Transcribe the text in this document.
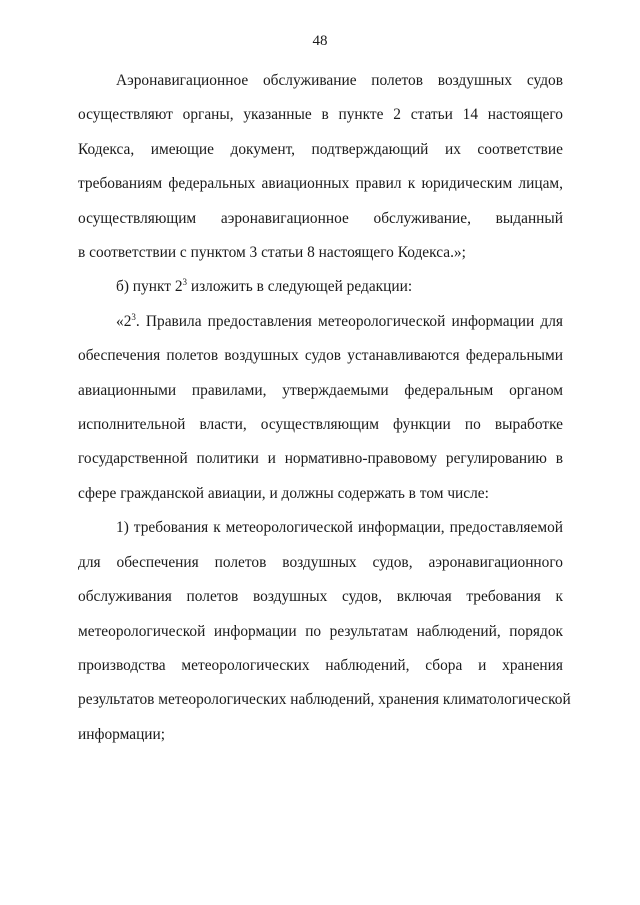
48
Аэронавигационное обслуживание полетов воздушных судов
осуществляют органы, указанные в пункте 2 статьи 14 настоящего
Кодекса, имеющие документ, подтверждающий их соответствие
требованиям федеральных авиационных правил к юридическим лицам,
осуществляющим аэронавигационное обслуживание, выданный
в соответствии с пунктом 3 статьи 8 настоящего Кодекса.»;
б) пункт $2^3$ изложить в следующей редакции:
«$2^3$. Правила предоставления метеорологической информации для
обеспечения полетов воздушных судов устанавливаются федеральными
авиационными правилами, утверждаемыми федеральным органом
исполнительной власти, осуществляющим функции по выработке
государственной политики и нормативно-правовому регулированию в
сфере гражданской авиации, и должны содержать в том числе:
1) требования к метеорологической информации, предоставляемой
для обеспечения полетов воздушных судов, аэронавигационного
обслуживания полетов воздушных судов, включая требования к
метеорологической информации по результатам наблюдений, порядок
производства метеорологических наблюдений, сбора и хранения
результатов метеорологических наблюдений, хранения климатологической
информации;
